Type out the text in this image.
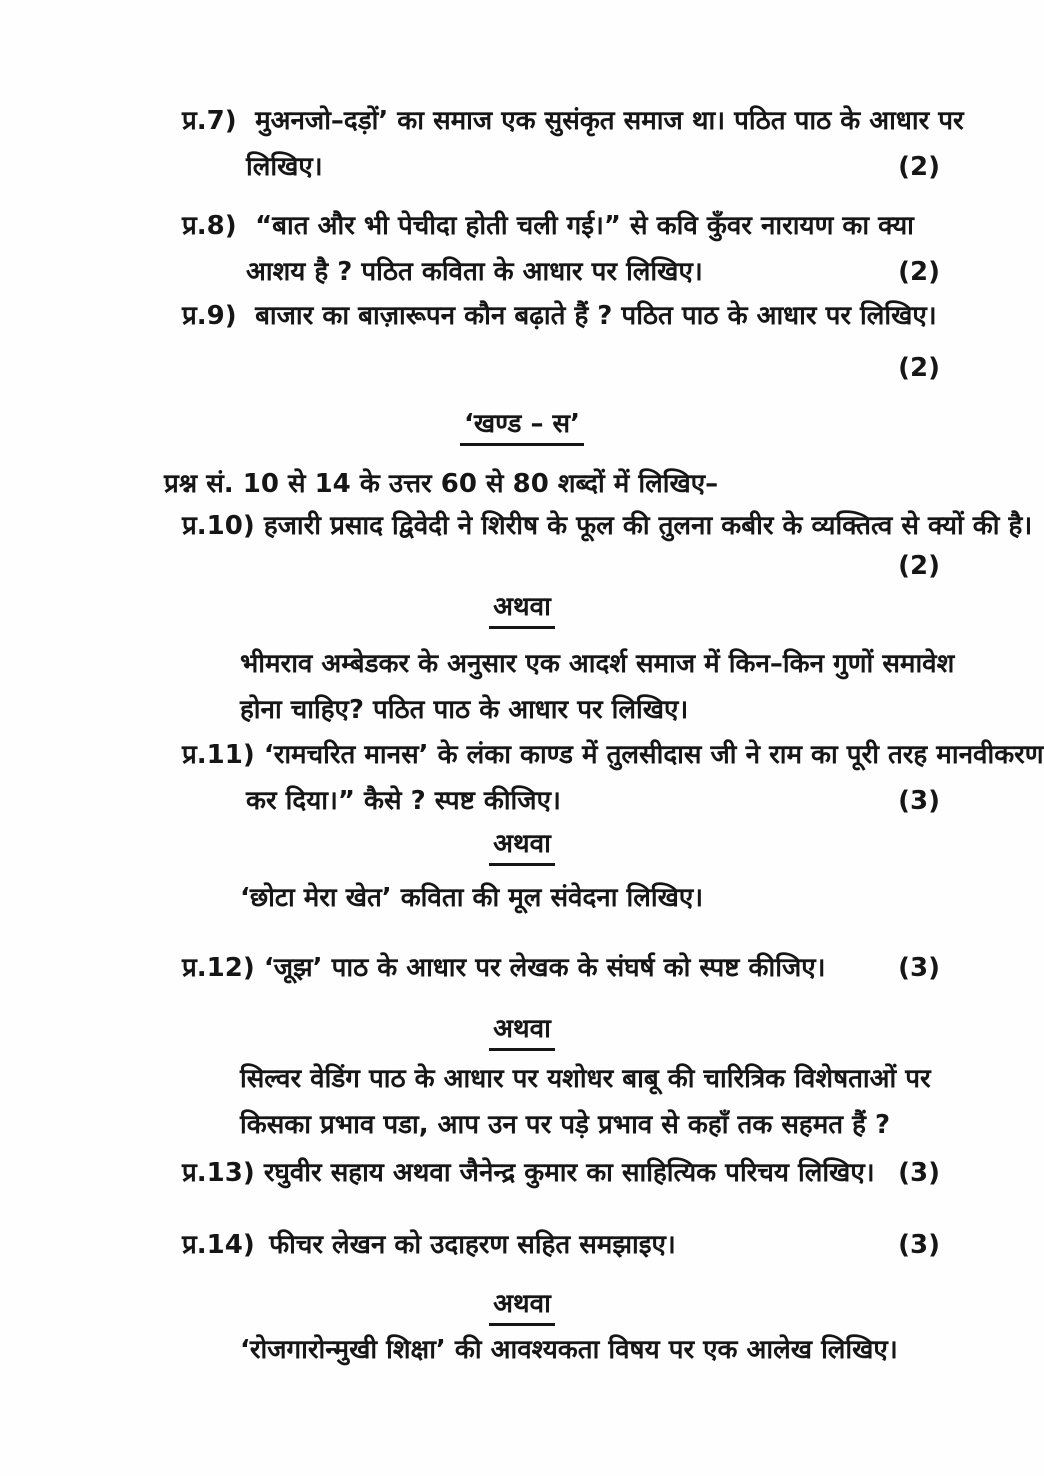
प्र.7) मुअनजो–दड़ों’ का समाज एक सुसंकृत समाज था। पठित पाठ के आधार पर
लिखिए।	(2)
प्र.8) “बात और भी पेचीदा होती चली गई।” से कवि कुँवर नारायण का क्या
आशय है ? पठित कविता के आधार पर लिखिए।	(2)
प्र.9) बाजार का बाज़ारूपन कौन बढ़ाते हैं ? पठित पाठ के आधार पर लिखिए।
(2)
‘खण्ड – स’
प्रश्न सं. 10 से 14 के उत्तर 60 से 80 शब्दों में लिखिए–
प्र.10) हजारी प्रसाद द्विवेदी ने शिरीष के फूल की तुलना कबीर के व्यक्तित्व से क्यों की है।
(2)
अथवा
भीमराव अम्बेडकर के अनुसार एक आदर्श समाज में किन–किन गुणों समावेश
होना चाहिए? पठित पाठ के आधार पर लिखिए।
प्र.11) ‘रामचरित मानस’ के लंका काण्ड में तुलसीदास जी ने राम का पूरी तरह मानवीकरण
कर दिया।” कैसे ? स्पष्ट कीजिए।	(3)
अथवा
‘छोटा मेरा खेत’ कविता की मूल संवेदना लिखिए।
प्र.12) ‘जूझ’ पाठ के आधार पर लेखक के संघर्ष को स्पष्ट कीजिए।	(3)
अथवा
सिल्वर वेडिंग पाठ के आधार पर यशोधर बाबू की चारित्रिक विशेषताओं पर
किसका प्रभाव पडा, आप उन पर पड़े प्रभाव से कहाँ तक सहमत हैं ?
प्र.13) रघुवीर सहाय अथवा जैनेन्द्र कुमार का साहित्यिक परिचय लिखिए। (3)
प्र.14) फीचर लेखन को उदाहरण सहित समझाइए।	(3)
अथवा
‘रोजगारोन्मुखी शिक्षा’ की आवश्यकता विषय पर एक आलेख लिखिए।
